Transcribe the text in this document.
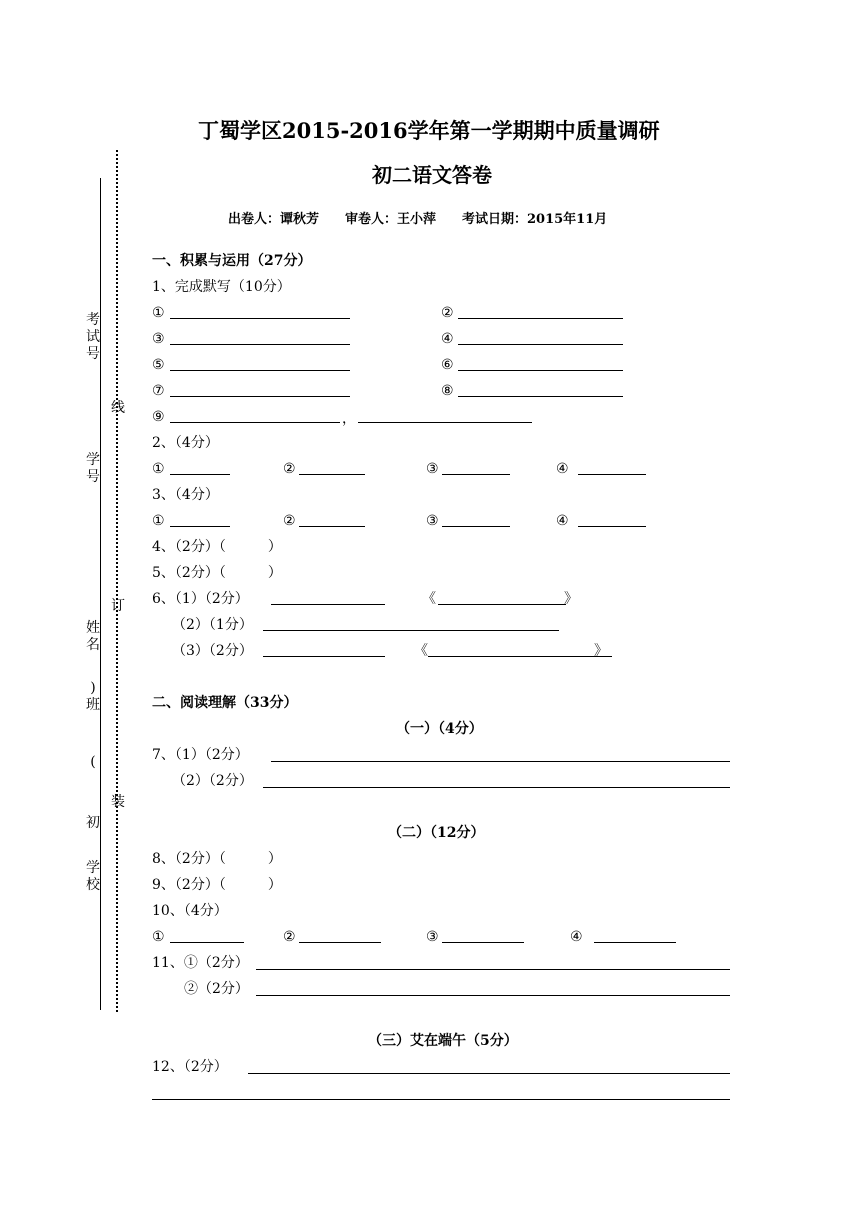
丁蜀学区2015-2016学年第一学期期中质量调研
初二语文答卷
出卷人：谭秋芳　　审卷人：王小萍　　考试日期：2015年11月
考试号
线
学号
订
姓名
)班
(
装
初
学校
一、积累与运用（27分）
1、完成默写（10分）
①	②
③	④
⑤	⑥
⑦	⑧
⑨	，
2、（4分）
①	②	③	④
3、（4分）
①	②	③	④
4、（2分）（　　　）
5、（2分）（　　　）
6、（1）（2分）	《	》
（2）（1分）
（3）（2分）	《	》
二、阅读理解（33分）
（一）（4分）
7、（1）（2分）
（2）（2分）
（二）（12分）
8、（2分）（　　　）
9、（2分）（　　　）
10、（4分）
①	②	③	④
11、①（2分）
②（2分）
（三）艾在端午（5分）
12、（2分）
